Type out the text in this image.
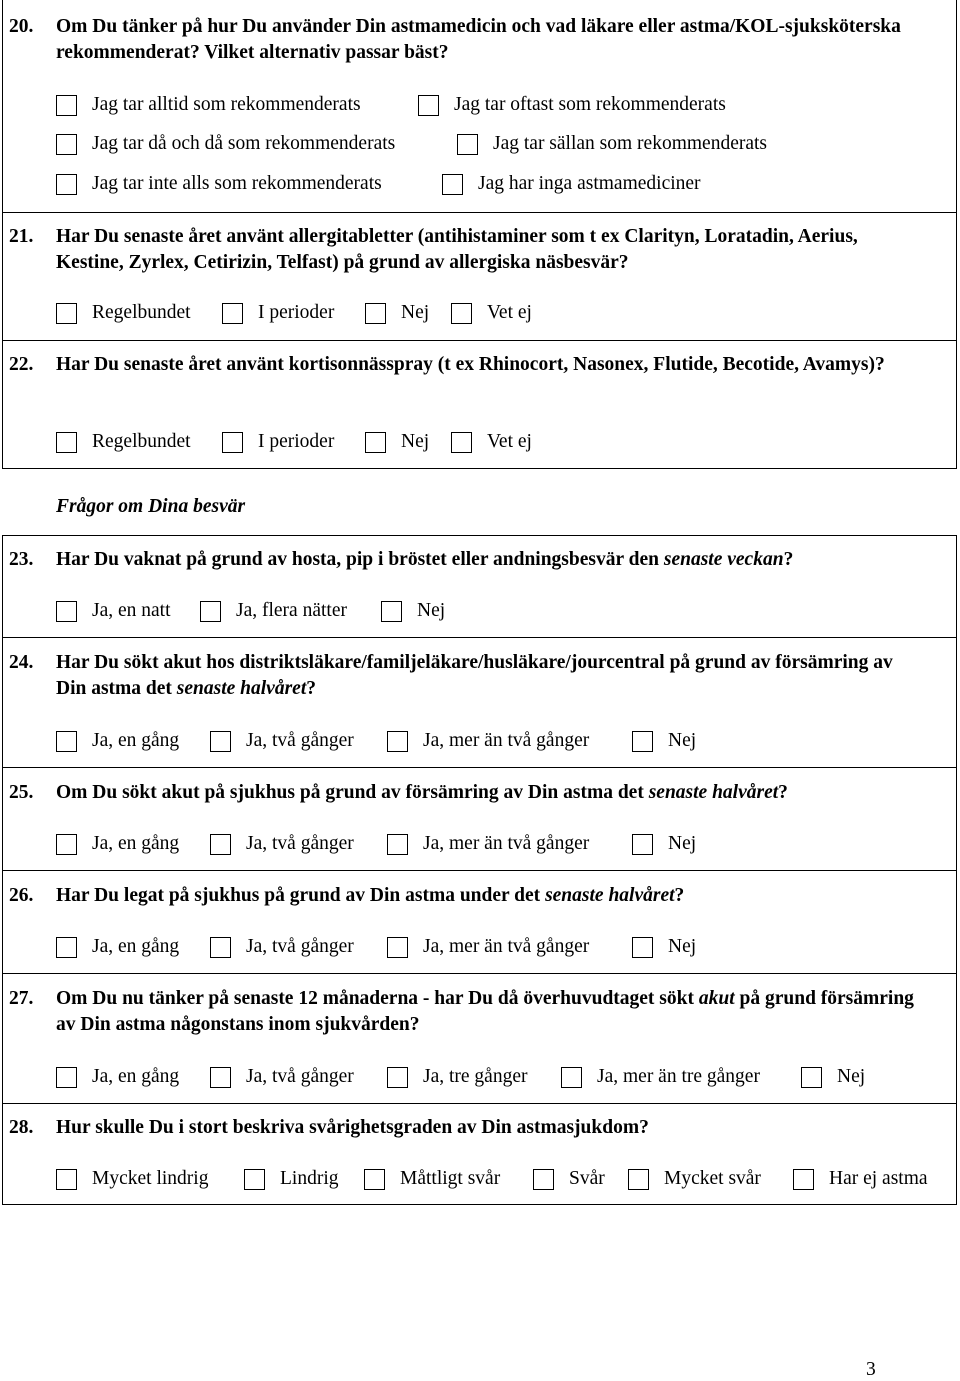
20. Om Du tänker på hur Du använder Din astmamedicin och vad läkare eller astma/KOL-sjuksköterska rekommenderat? Vilket alternativ passar bäst?
Jag tar alltid som rekommenderats	Jag tar oftast som rekommenderats
Jag tar då och då som rekommenderats	Jag tar sällan som rekommenderats
Jag tar inte alls som rekommenderats	Jag har inga astmamediciner
21. Har Du senaste året använt allergitabletter (antihistaminer som t ex Clarityn, Loratadin, Aerius, Kestine, Zyrlex, Cetirizin, Telfast) på grund av allergiska näsbesvär?
Regelbundet	I perioder	Nej	Vet ej
22. Har Du senaste året använt kortisonnässpray (t ex Rhinocort, Nasonex, Flutide, Becotide, Avamys)?
Regelbundet	I perioder	Nej	Vet ej
Frågor om Dina besvär
23. Har Du vaknat på grund av hosta, pip i bröstet eller andningsbesvär den senaste veckan?
Ja, en natt	Ja, flera nätter	Nej
24. Har Du sökt akut hos distriktsläkare/familjeläkare/husläkare/jourcentral på grund av försämring av Din astma det senaste halvåret?
Ja, en gång	Ja, två gånger	Ja, mer än två gånger	Nej
25. Om Du sökt akut på sjukhus på grund av försämring av Din astma det senaste halvåret?
Ja, en gång	Ja, två gånger	Ja, mer än två gånger	Nej
26. Har Du legat på sjukhus på grund av Din astma under det senaste halvåret?
Ja, en gång	Ja, två gånger	Ja, mer än två gånger	Nej
27. Om Du nu tänker på senaste 12 månaderna - har Du då överhuvudtaget sökt akut på grund försämring av Din astma någonstans inom sjukvården?
Ja, en gång	Ja, två gånger	Ja, tre gånger	Ja, mer än tre gånger	Nej
28. Hur skulle Du i stort beskriva svårighetsgraden av Din astmasjukdom?
Mycket lindrig	Lindrig	Måttligt svår	Svår	Mycket svår	Har ej astma
3
